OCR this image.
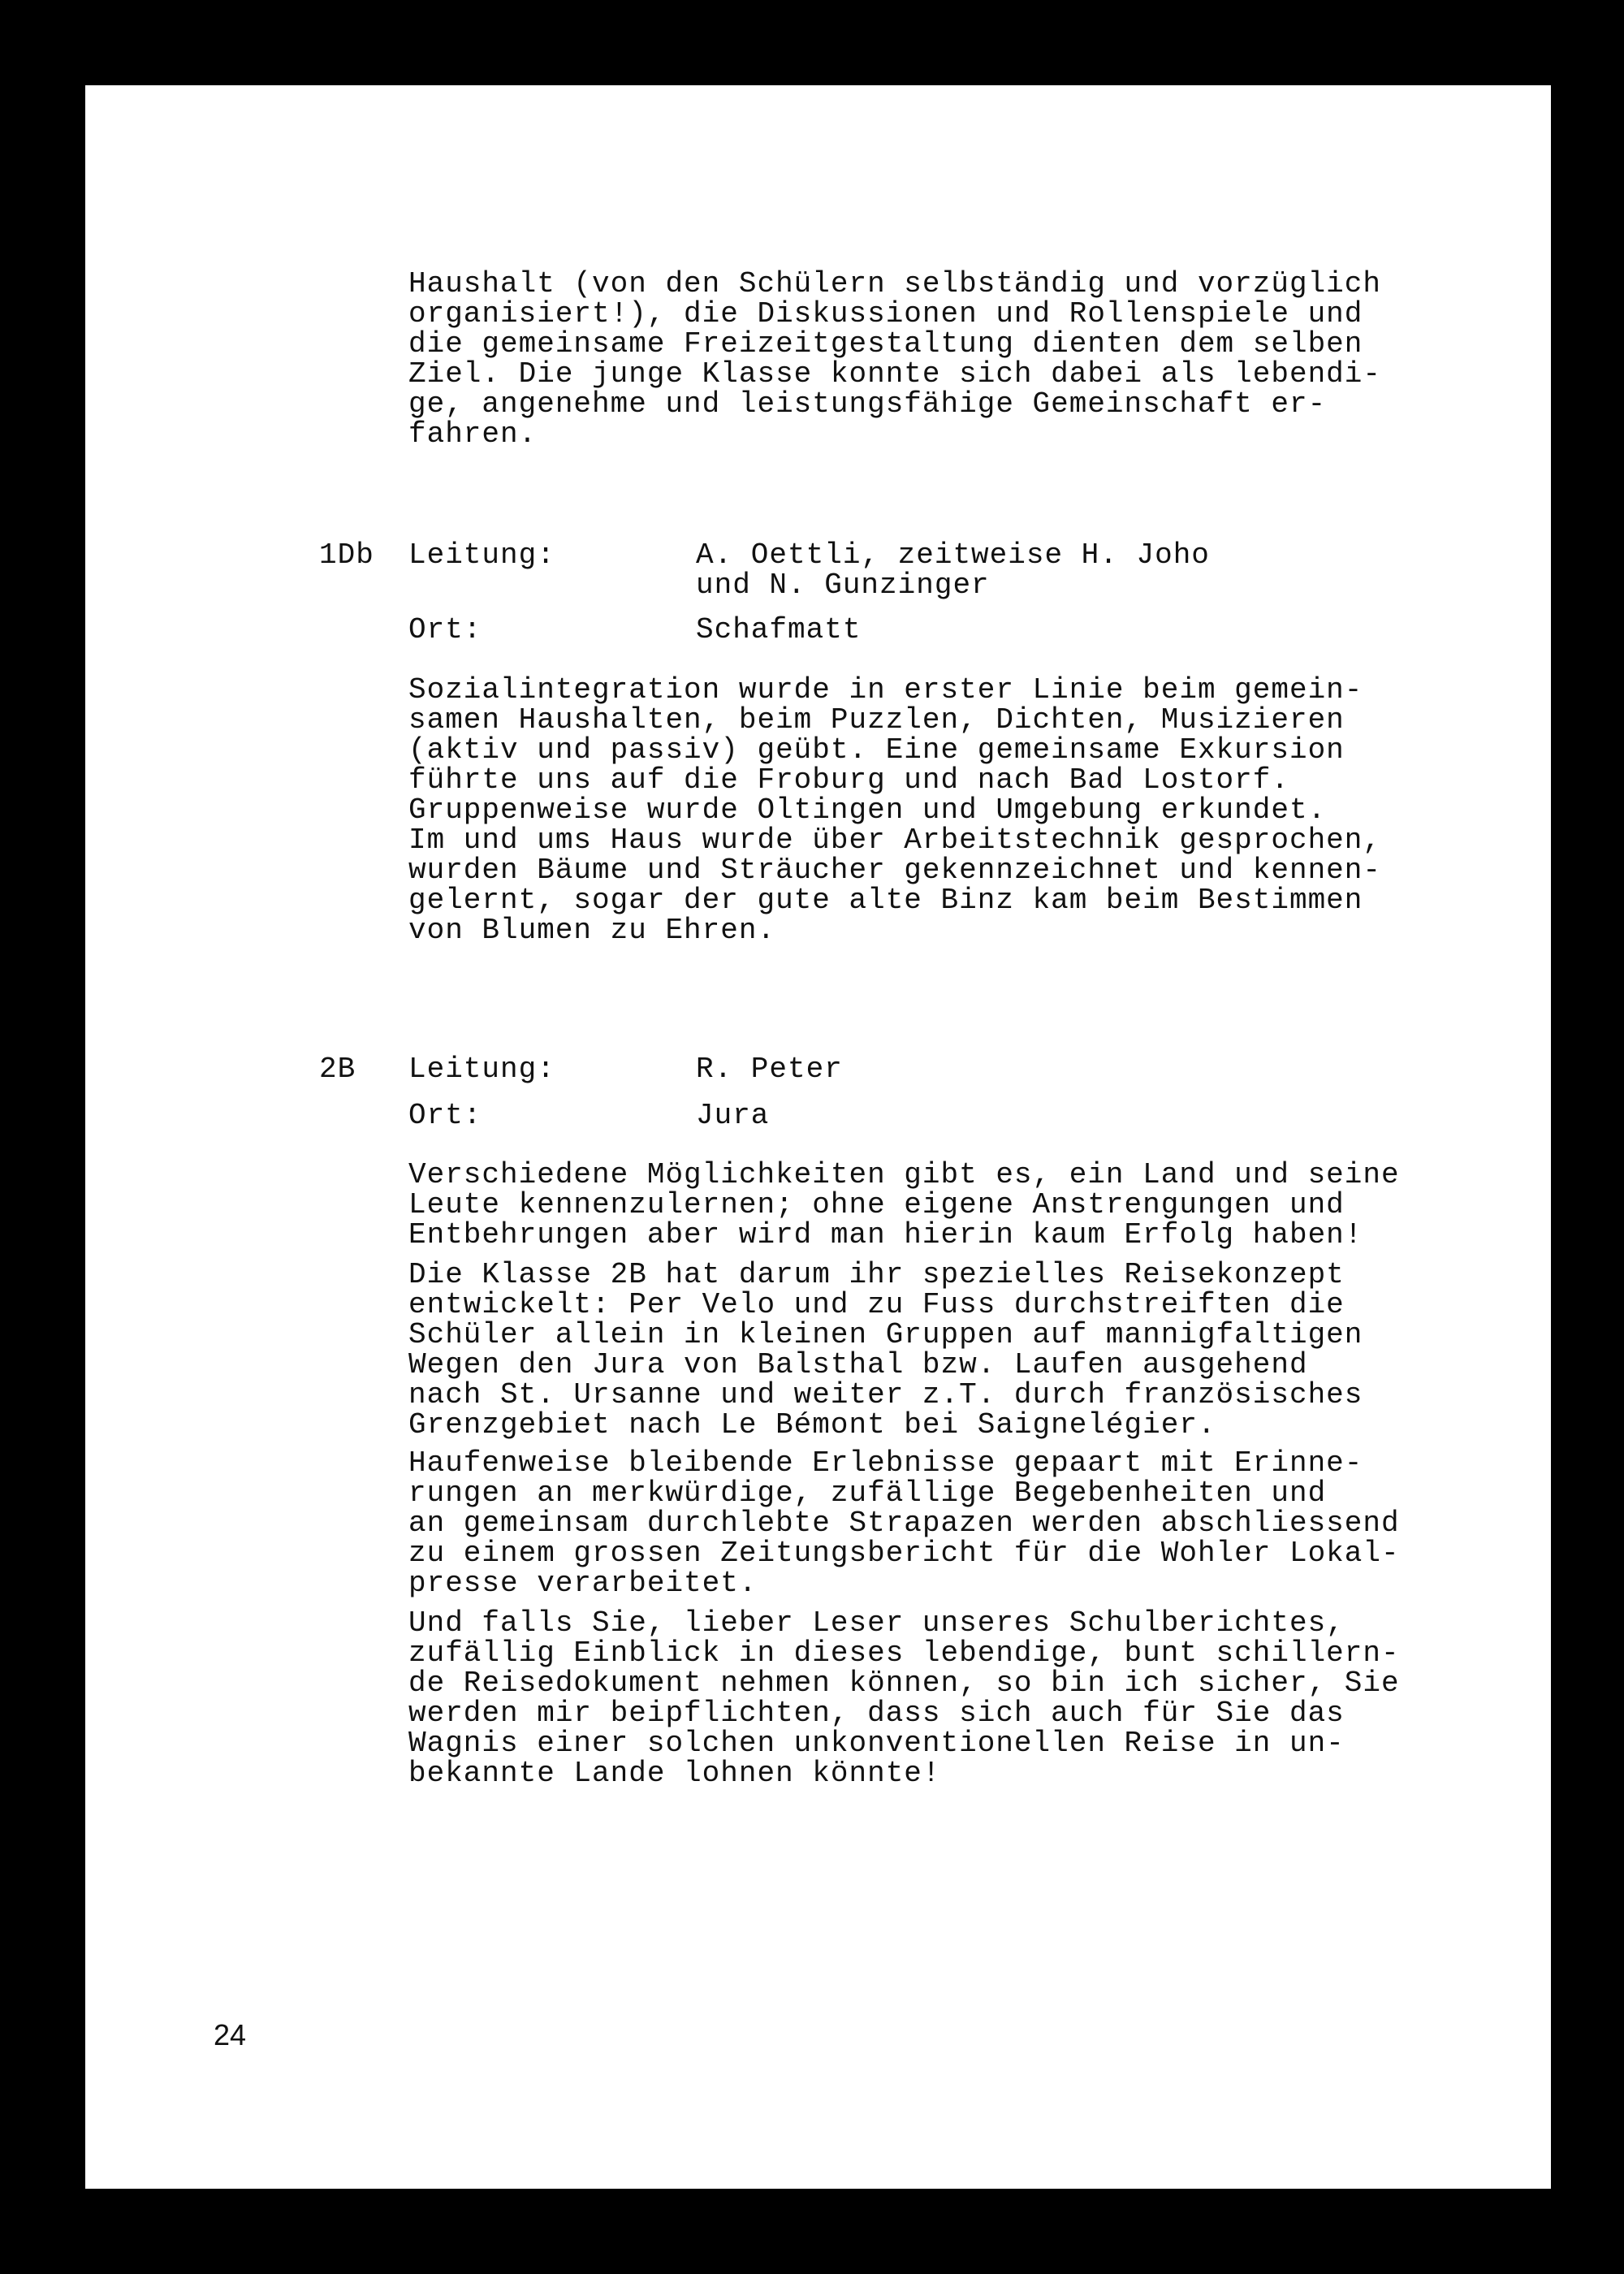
Haushalt (von den Schülern selbständig und vorzüglich
organisiert!), die Diskussionen und Rollenspiele und
die gemeinsame Freizeitgestaltung dienten dem selben
Ziel. Die junge Klasse konnte sich dabei als lebendi-
ge, angenehme und leistungsfähige Gemeinschaft er-
fahren.
1Db Leitung:	A. Oettli, zeitweise H. Joho
und N. Gunzinger
Ort:	Schafmatt
Sozialintegration wurde in erster Linie beim gemein-
samen Haushalten, beim Puzzlen, Dichten, Musizieren
(aktiv und passiv) geübt. Eine gemeinsame Exkursion
führte uns auf die Froburg und nach Bad Lostorf.
Gruppenweise wurde Oltingen und Umgebung erkundet.
Im und ums Haus wurde über Arbeitstechnik gesprochen,
wurden Bäume und Sträucher gekennzeichnet und kennen-
gelernt, sogar der gute alte Binz kam beim Bestimmen
von Blumen zu Ehren.
2B Leitung:	R. Peter
Ort:	Jura
Verschiedene Möglichkeiten gibt es, ein Land und seine
Leute kennenzulernen; ohne eigene Anstrengungen und
Entbehrungen aber wird man hierin kaum Erfolg haben!
Die Klasse 2B hat darum ihr spezielles Reisekonzept
entwickelt: Per Velo und zu Fuss durchstreiften die
Schüler allein in kleinen Gruppen auf mannigfaltigen
Wegen den Jura von Balsthal bzw. Laufen ausgehend
nach St. Ursanne und weiter z.T. durch französisches
Grenzgebiet nach Le Bémont bei Saignelégier.
Haufenweise bleibende Erlebnisse gepaart mit Erinne-
rungen an merkwürdige, zufällige Begebenheiten und
an gemeinsam durchlebte Strapazen werden abschliessend
zu einem grossen Zeitungsbericht für die Wohler Lokal-
presse verarbeitet.
Und falls Sie, lieber Leser unseres Schulberichtes,
zufällig Einblick in dieses lebendige, bunt schillern-
de Reisedokument nehmen können, so bin ich sicher, Sie
werden mir beipflichten, dass sich auch für Sie das
Wagnis einer solchen unkonventionellen Reise in un-
bekannte Lande lohnen könnte!
24
